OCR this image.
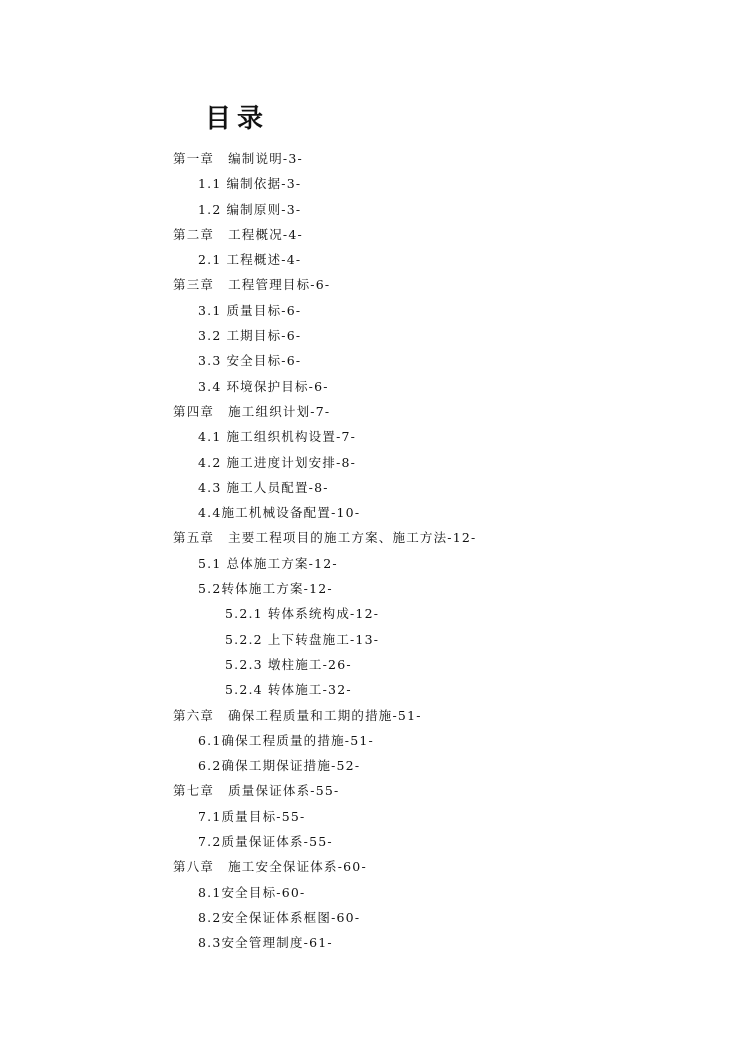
目录
第一章 编制说明-3-
1.1 编制依据-3-
1.2 编制原则-3-
第二章 工程概况-4-
2.1 工程概述-4-
第三章 工程管理目标-6-
3.1 质量目标-6-
3.2 工期目标-6-
3.3 安全目标-6-
3.4 环境保护目标-6-
第四章 施工组织计划-7-
4.1 施工组织机构设置-7-
4.2 施工进度计划安排-8-
4.3 施工人员配置-8-
4.4施工机械设备配置-10-
第五章 主要工程项目的施工方案、施工方法-12-
5.1 总体施工方案-12-
5.2转体施工方案-12-
5.2.1 转体系统构成-12-
5.2.2 上下转盘施工-13-
5.2.3 墩柱施工-26-
5.2.4 转体施工-32-
第六章 确保工程质量和工期的措施-51-
6.1确保工程质量的措施-51-
6.2确保工期保证措施-52-
第七章 质量保证体系-55-
7.1质量目标-55-
7.2质量保证体系-55-
第八章 施工安全保证体系-60-
8.1安全目标-60-
8.2安全保证体系框图-60-
8.3安全管理制度-61-
